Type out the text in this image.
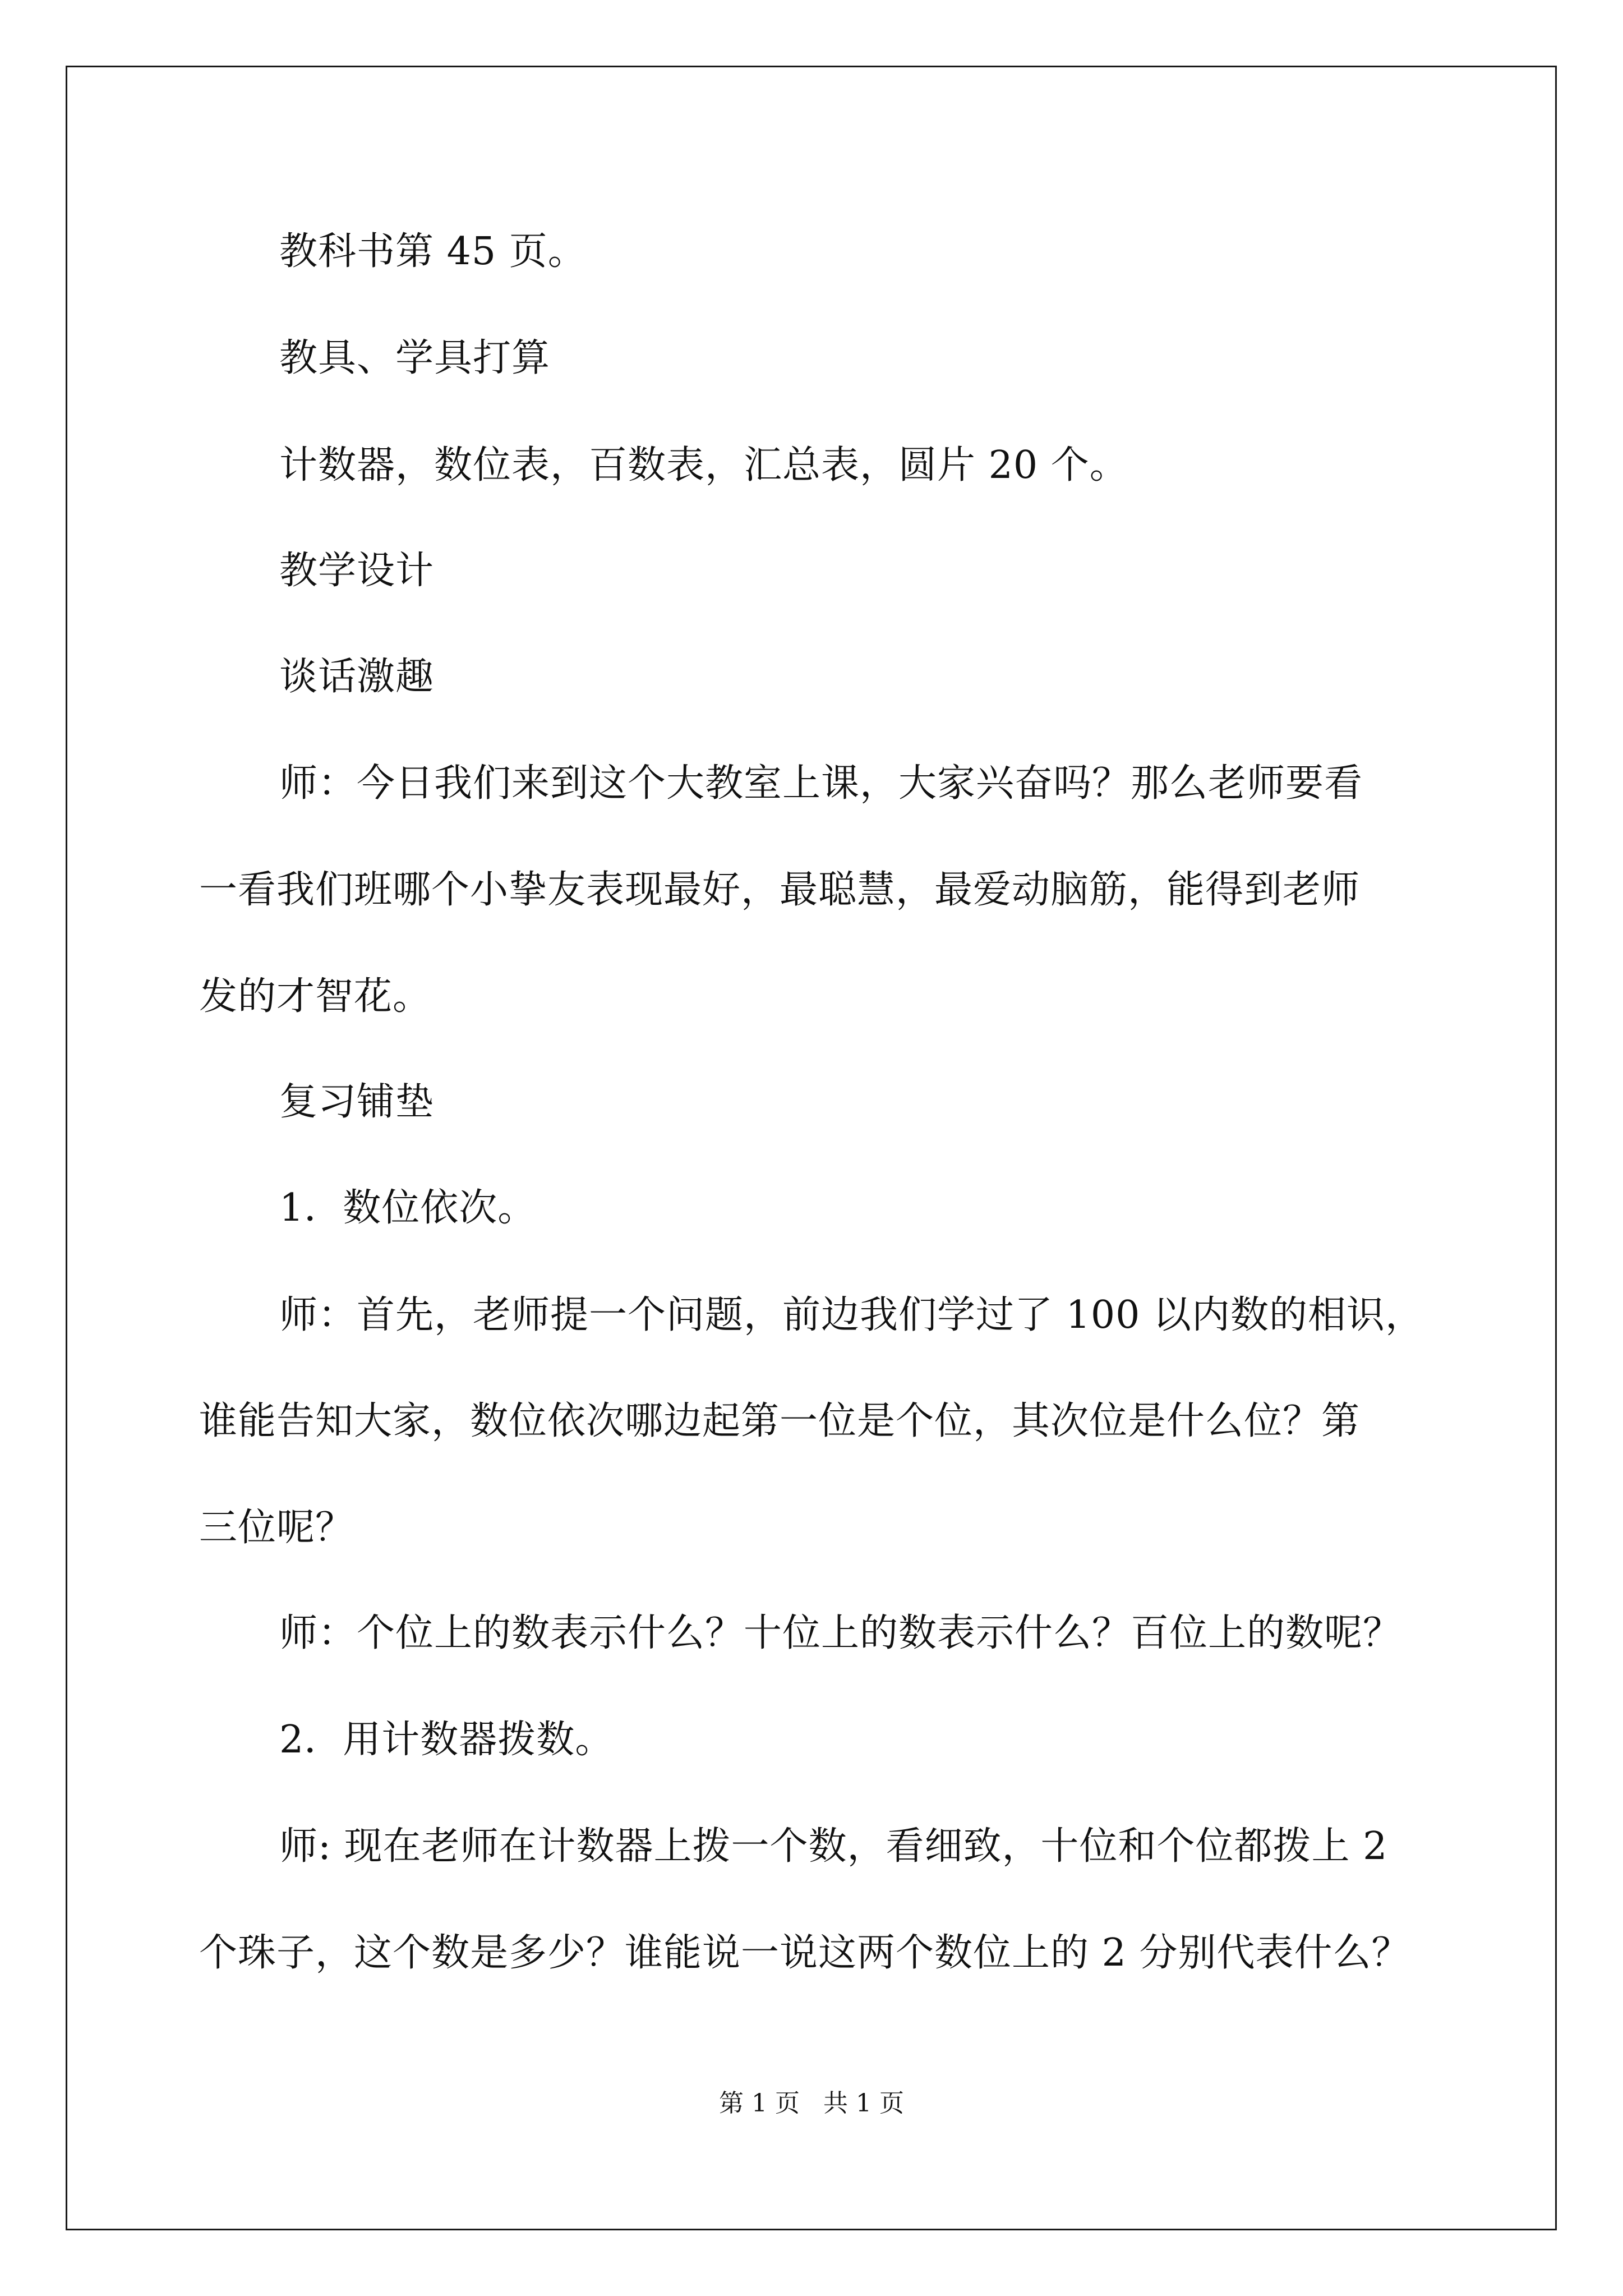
教科书第 45 页。
教具、学具打算
计数器，数位表，百数表，汇总表，圆片 20 个。
教学设计
谈话激趣
师：今日我们来到这个大教室上课，大家兴奋吗？那么老师要看
一看我们班哪个小挚友表现最好，最聪慧，最爱动脑筋，能得到老师
发的才智花。
复习铺垫
1．数位依次。
师：首先，老师提一个问题，前边我们学过了 100 以内数的相识，
谁能告知大家，数位依次哪边起第一位是个位，其次位是什么位？第
三位呢？
师：个位上的数表示什么？十位上的数表示什么？百位上的数呢？
2．用计数器拨数。
师: 现在老师在计数器上拨一个数，看细致，十位和个位都拨上 2
个珠子，这个数是多少？谁能说一说这两个数位上的 2 分别代表什么？
第 1 页   共 1 页
